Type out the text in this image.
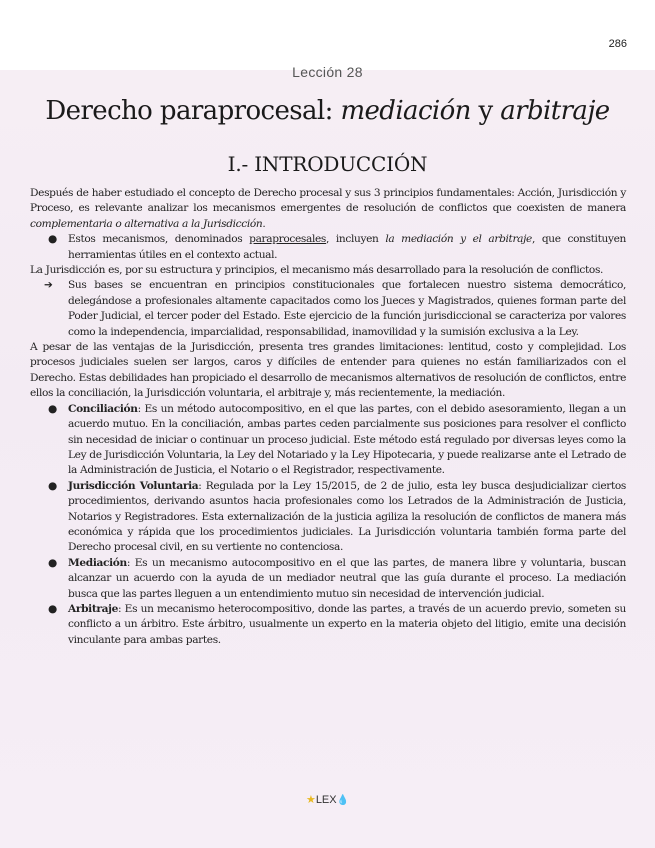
286
Lección 28
Derecho paraprocesal: mediación y arbitraje
I.- INTRODUCCIÓN

Después de haber estudiado el concepto de Derecho procesal y sus 3 principios fundamentales: Acción, Jurisdicción y Proceso, es relevante analizar los mecanismos emergentes de resolución de conflictos que coexisten de manera complementaria o alternativa a la Jurisdicción.

● Estos mecanismos, denominados paraprocesales, incluyen la mediación y el arbitraje, que constituyen herramientas útiles en el contexto actual.

La Jurisdicción es, por su estructura y principios, el mecanismo más desarrollado para la resolución de conflictos.

➔ Sus bases se encuentran en principios constitucionales que fortalecen nuestro sistema democrático, delegándose a profesionales altamente capacitados como los Jueces y Magistrados, quienes forman parte del Poder Judicial, el tercer poder del Estado. Este ejercicio de la función jurisdiccional se caracteriza por valores como la independencia, imparcialidad, responsabilidad, inamovilidad y la sumisión exclusiva a la Ley.

A pesar de las ventajas de la Jurisdicción, presenta tres grandes limitaciones: lentitud, costo y complejidad. Los procesos judiciales suelen ser largos, caros y difíciles de entender para quienes no están familiarizados con el Derecho. Estas debilidades han propiciado el desarrollo de mecanismos alternativos de resolución de conflictos, entre ellos la conciliación, la Jurisdicción voluntaria, el arbitraje y, más recientemente, la mediación.

● Conciliación: Es un método autocompositivo, en el que las partes, con el debido asesoramiento, llegan a un acuerdo mutuo. En la conciliación, ambas partes ceden parcialmente sus posiciones para resolver el conflicto sin necesidad de iniciar o continuar un proceso judicial. Este método está regulado por diversas leyes como la Ley de Jurisdicción Voluntaria, la Ley del Notariado y la Ley Hipotecaria, y puede realizarse ante el Letrado de la Administración de Justicia, el Notario o el Registrador, respectivamente.
● Jurisdicción Voluntaria: Regulada por la Ley 15/2015, de 2 de julio, esta ley busca desjudicializar ciertos procedimientos, derivando asuntos hacia profesionales como los Letrados de la Administración de Justicia, Notarios y Registradores. Esta externalización de la justicia agiliza la resolución de conflictos de manera más económica y rápida que los procedimientos judiciales. La Jurisdicción voluntaria también forma parte del Derecho procesal civil, en su vertiente no contenciosa.
● Mediación: Es un mecanismo autocompositivo en el que las partes, de manera libre y voluntaria, buscan alcanzar un acuerdo con la ayuda de un mediador neutral que las guía durante el proceso. La mediación busca que las partes lleguen a un entendimiento mutuo sin necesidad de intervención judicial.
● Arbitraje: Es un mecanismo heterocompositivo, donde las partes, a través de un acuerdo previo, someten su conflicto a un árbitro. Este árbitro, usualmente un experto en la materia objeto del litigio, emite una decisión vinculante para ambas partes.
★LEX💧
